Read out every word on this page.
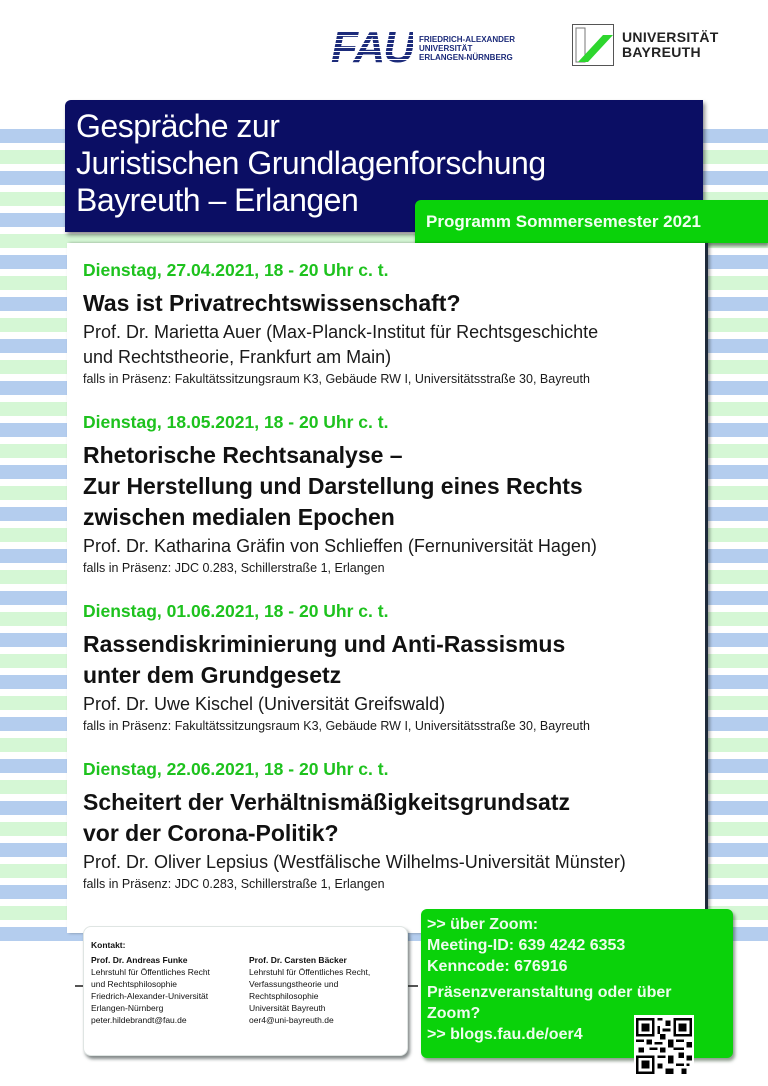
FAU FRIEDRICH-ALEXANDER
UNIVERSITÄT
ERLANGEN-NÜRNBERG
UNIVERSITÄT
BAYREUTH
Gespräche zur
Juristischen Grundlagenforschung
Bayreuth – Erlangen
Programm Sommersemester 2021
Dienstag, 27.04.2021, 18 - 20 Uhr c. t.
Was ist Privatrechtswissenschaft?
Prof. Dr. Marietta Auer (Max-Planck-Institut für Rechtsgeschichte
und Rechtstheorie, Frankfurt am Main)
falls in Präsenz: Fakultätssitzungsraum K3, Gebäude RW I, Universitätsstraße 30, Bayreuth
Dienstag, 18.05.2021, 18 - 20 Uhr c. t.
Rhetorische Rechtsanalyse –
Zur Herstellung und Darstellung eines Rechts
zwischen medialen Epochen
Prof. Dr. Katharina Gräfin von Schlieffen (Fernuniversität Hagen)
falls in Präsenz: JDC 0.283, Schillerstraße 1, Erlangen
Dienstag, 01.06.2021, 18 - 20 Uhr c. t.
Rassendiskriminierung und Anti-Rassismus
unter dem Grundgesetz
Prof. Dr. Uwe Kischel (Universität Greifswald)
falls in Präsenz: Fakultätssitzungsraum K3, Gebäude RW I, Universitätsstraße 30, Bayreuth
Dienstag, 22.06.2021, 18 - 20 Uhr c. t.
Scheitert der Verhältnismäßigkeitsgrundsatz
vor der Corona-Politik?
Prof. Dr. Oliver Lepsius (Westfälische Wilhelms-Universität Münster)
falls in Präsenz: JDC 0.283, Schillerstraße 1, Erlangen
Kontakt:
Prof. Dr. Andreas Funke
Lehrstuhl für Öffentliches Recht
und Rechtsphilosophie
Friedrich-Alexander-Universität
Erlangen-Nürnberg
peter.hildebrandt@fau.de
Prof. Dr. Carsten Bäcker
Lehrstuhl für Öffentliches Recht,
Verfassungstheorie und
Rechtsphilosophie
Universität Bayreuth
oer4@uni-bayreuth.de
>> über Zoom:
Meeting-ID: 639 4242 6353
Kenncode: 676916
Präsenzveranstaltung oder über
Zoom?
>> blogs.fau.de/oer4
